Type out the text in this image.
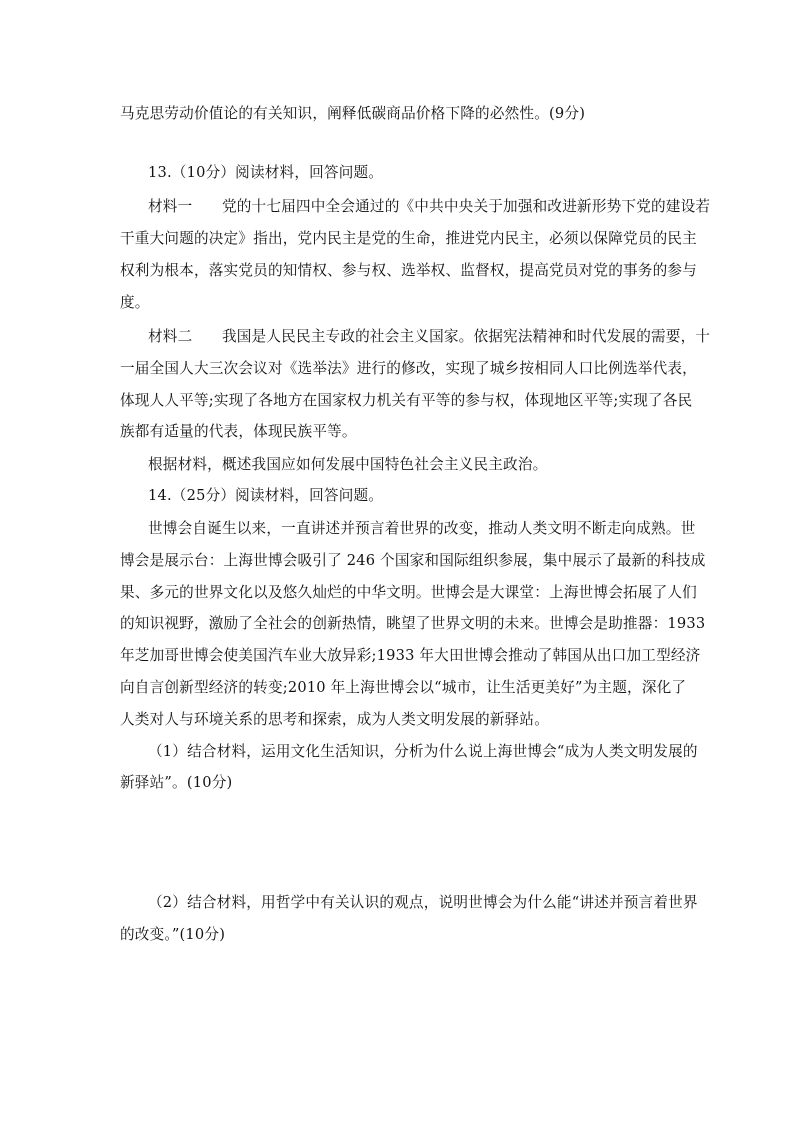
马克思劳动价值论的有关知识，阐释低碳商品价格下降的必然性。(9分)
13.（10分）阅读材料，回答问题。
材料一　　党的十七届四中全会通过的《中共中央关于加强和改进新形势下党的建设若
干重大问题的决定》指出，党内民主是党的生命，推进党内民主，必须以保障党员的民主
权利为根本，落实党员的知情权、参与权、选举权、监督权，提高党员对党的事务的参与
度。
材料二　　我国是人民民主专政的社会主义国家。依据宪法精神和时代发展的需要，十
一届全国人大三次会议对《选举法》进行的修改，实现了城乡按相同人口比例选举代表，
体现人人平等;实现了各地方在国家权力机关有平等的参与权，体现地区平等;实现了各民
族都有适量的代表，体现民族平等。
根据材料，概述我国应如何发展中国特色社会主义民主政治。
14.（25分）阅读材料，回答问题。
世博会自诞生以来，一直讲述并预言着世界的改变，推动人类文明不断走向成熟。世
博会是展示台：上海世博会吸引了 246 个国家和国际组织参展，集中展示了最新的科技成
果、多元的世界文化以及悠久灿烂的中华文明。世博会是大课堂：上海世博会拓展了人们
的知识视野，激励了全社会的创新热情，眺望了世界文明的未来。世博会是助推器：1933
年芝加哥世博会使美国汽车业大放异彩;1933 年大田世博会推动了韩国从出口加工型经济
向自言创新型经济的转变;2010 年上海世博会以“城市，让生活更美好”为主题，深化了
人类对人与环境关系的思考和探索，成为人类文明发展的新驿站。
（1）结合材料，运用文化生活知识，分析为什么说上海世博会“成为人类文明发展的
新驿站”。(10分)
（2）结合材料，用哲学中有关认识的观点，说明世博会为什么能“讲述并预言着世界
的改变。”(10分)
